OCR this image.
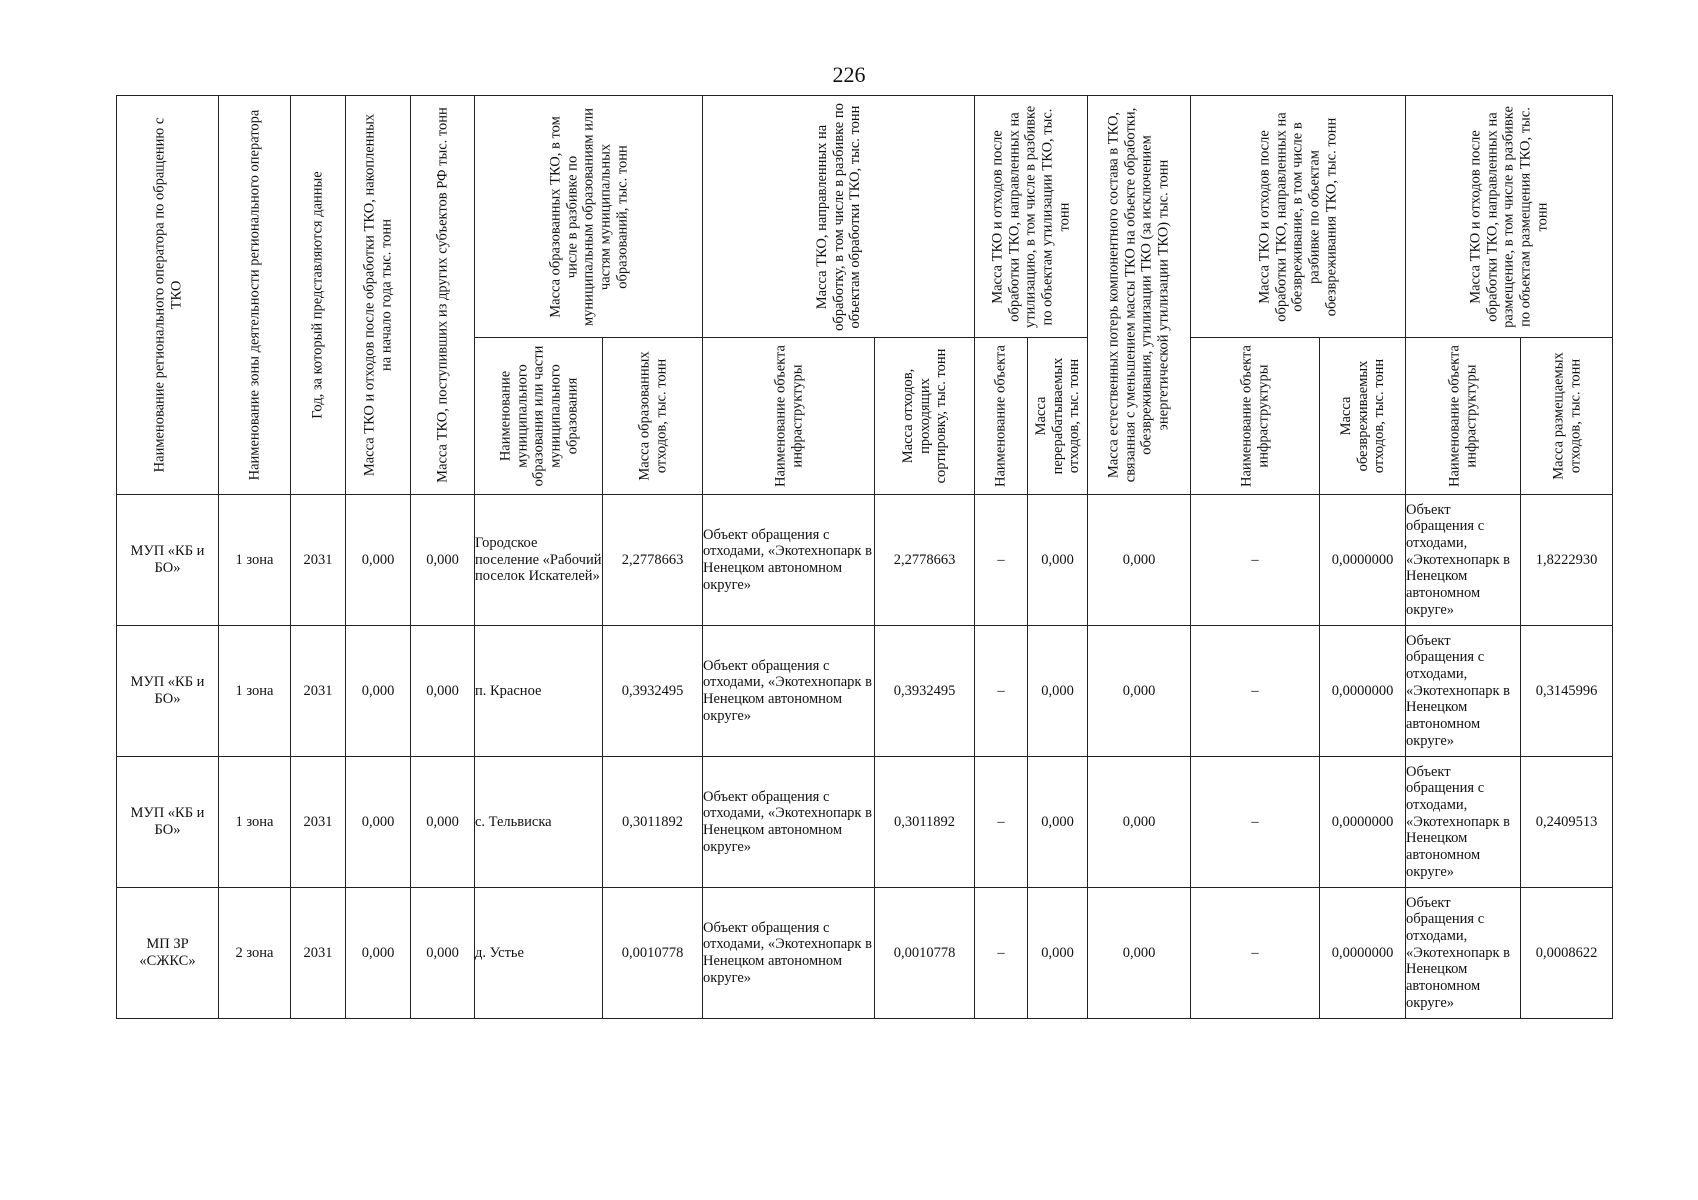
226
Наименование регионального оператора по обращению с ТКО	Наименование зоны деятельности регионального оператора	Год, за который представляются данные	Масса ТКО и отходов после обработки ТКО, накопленных на начало года тыс. тонн	Масса ТКО, поступивших из других субъектов РФ тыс. тонн	Масса образованных ТКО, в том числе в разбивке по муниципальным образованиям или частям муниципальных образований, тыс. тонн		Масса ТКО, направленных на обработку, в том числе в разбивке по объектам обработки ТКО, тыс. тонн		Масса ТКО и отходов после обработки ТКО, направленных на утилизацию, в том числе в разбивке по объектам утилизации ТКО, тыс. тонн		Масса естественных потерь компонентного состава в ТКО, связанная с уменьшением массы ТКО на объекте обработки, обезвреживания, утилизации ТКО (за исключением энергетической утилизации ТКО) тыс. тонн	Масса ТКО и отходов после обработки ТКО, направленных на обезвреживание, в том числе в разбивке по объектам обезвреживания ТКО, тыс. тонн		Масса ТКО и отходов после обработки ТКО, направленных на размещение, в том числе в разбивке по объектам размещения ТКО, тыс. тонн	

					Наименование муниципального образования или части муниципального образования	Масса образованных отходов, тыс. тонн	Наименование объекта инфраструктуры	Масса отходов, проходящих сортировку, тыс. тонн	Наименование объекта	Масса перерабатываемых отходов, тыс. тонн		Наименование объекта инфраструктуры	Масса обезвреживаемых отходов, тыс. тонн	Наименование объекта инфраструктуры	Масса размещаемых отходов, тыс. тонн

МУП «КБ и БО»	1 зона	2031	0,000	0,000	Городское поселение «Рабочий поселок Искателей»	2,2778663	Объект обращения с отходами, «Экотехнопарк в Ненецком автономном округе»	2,2778663	–	0,000	0,000	–	0,0000000	Объект обращения с отходами, «Экотехнопарк в Ненецком автономном округе»	1,8222930
МУП «КБ и БО»	1 зона	2031	0,000	0,000	п. Красное	0,3932495	Объект обращения с отходами, «Экотехнопарк в Ненецком автономном округе»	0,3932495	–	0,000	0,000	–	0,0000000	Объект обращения с отходами, «Экотехнопарк в Ненецком автономном округе»	0,3145996
МУП «КБ и БО»	1 зона	2031	0,000	0,000	с. Тельвиска	0,3011892	Объект обращения с отходами, «Экотехнопарк в Ненецком автономном округе»	0,3011892	–	0,000	0,000	–	0,0000000	Объект обращения с отходами, «Экотехнопарк в Ненецком автономном округе»	0,2409513
МП ЗР «СЖКС»	2 зона	2031	0,000	0,000	д. Устье	0,0010778	Объект обращения с отходами, «Экотехнопарк в Ненецком автономном округе»	0,0010778	–	0,000	0,000	–	0,0000000	Объект обращения с отходами, «Экотехнопарк в Ненецком автономном округе»	0,0008622
